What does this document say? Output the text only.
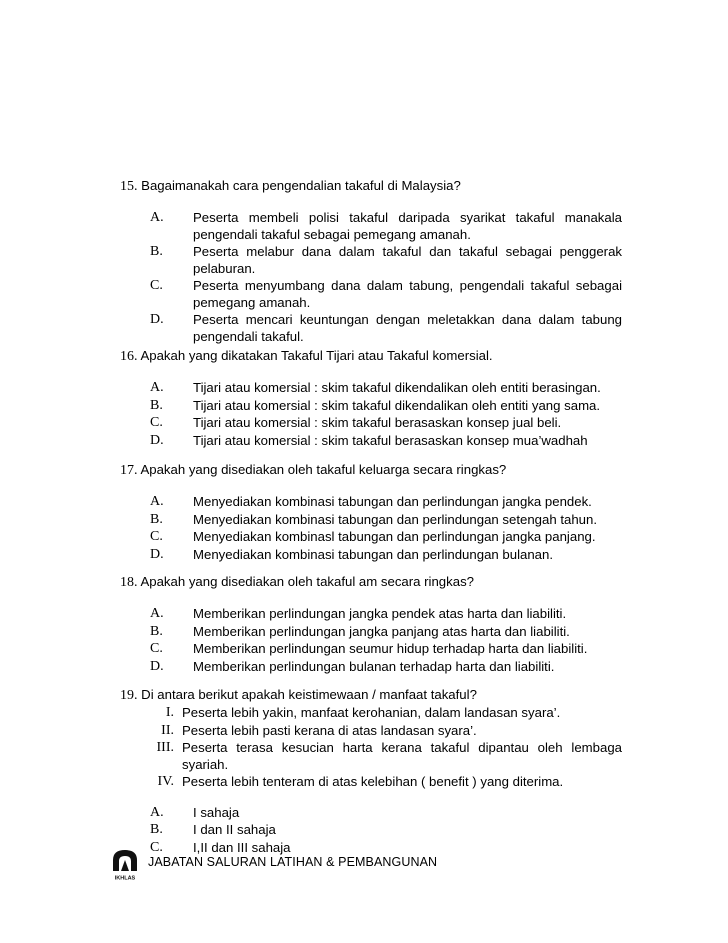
15. Bagaimanakah cara pengendalian takaful di Malaysia?
A. Peserta membeli polisi takaful daripada syarikat takaful manakala pengendali takaful sebagai pemegang amanah.
B. Peserta melabur dana dalam takaful dan takaful sebagai penggerak pelaburan.
C. Peserta menyumbang dana dalam tabung, pengendali takaful sebagai pemegang amanah.
D. Peserta mencari keuntungan dengan meletakkan dana dalam tabung pengendali takaful.
16. Apakah yang dikatakan Takaful Tijari atau Takaful komersial.
A. Tijari atau komersial : skim takaful dikendalikan oleh entiti berasingan.
B. Tijari atau komersial : skim takaful dikendalikan oleh entiti yang sama.
C. Tijari atau komersial : skim takaful berasaskan konsep jual beli.
D. Tijari atau komersial : skim takaful berasaskan konsep mua’wadhah
17. Apakah yang disediakan oleh takaful keluarga secara ringkas?
A. Menyediakan kombinasi tabungan dan perlindungan jangka pendek.
B. Menyediakan kombinasi tabungan dan perlindungan setengah tahun.
C. Menyediakan kombinasl tabungan dan perlindungan jangka panjang.
D. Menyediakan kombinasi tabungan dan perlindungan bulanan.
18. Apakah yang disediakan oleh takaful am secara ringkas?
A. Memberikan perlindungan jangka pendek atas harta dan liabiliti.
B. Memberikan perlindungan jangka panjang atas harta dan liabiliti.
C. Memberikan perlindungan seumur hidup terhadap harta dan liabiliti.
D. Memberikan perlindungan bulanan terhadap harta dan liabiliti.
19. Di antara berikut apakah keistimewaan / manfaat takaful?
I. Peserta lebih yakin, manfaat kerohanian, dalam landasan syara’.
II. Peserta lebih pasti kerana di atas landasan syara’.
III. Peserta terasa kesucian harta kerana takaful dipantau oleh lembaga syariah.
IV. Peserta lebih tenteram di atas kelebihan ( benefit ) yang diterima.
A. I sahaja
B. I dan II sahaja
C. I,II dan III sahaja
IKHLAS
JABATAN SALURAN LATIHAN & PEMBANGUNAN
